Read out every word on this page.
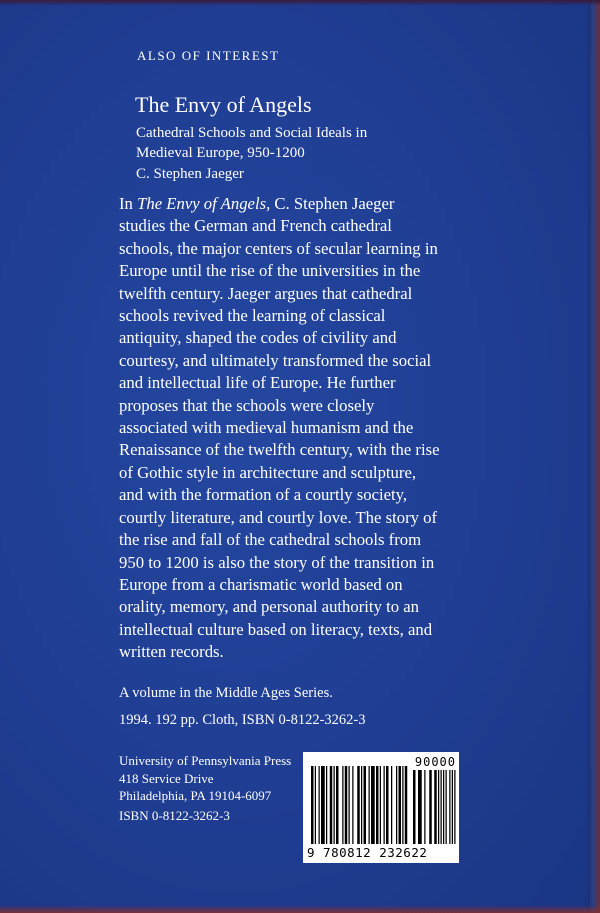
ALSO OF INTEREST
The Envy of Angels
Cathedral Schools and Social Ideals in
Medieval Europe, 950-1200
C. Stephen Jaeger
In The Envy of Angels, C. Stephen Jaeger studies the German and French cathedral schools, the major centers of secular learning in Europe until the rise of the universities in the twelfth century. Jaeger argues that cathedral schools revived the learning of classical antiquity, shaped the codes of civility and courtesy, and ultimately transformed the social and intellectual life of Europe. He further proposes that the schools were closely associated with medieval humanism and the Renaissance of the twelfth century, with the rise of Gothic style in architecture and sculpture, and with the formation of a courtly society, courtly literature, and courtly love. The story of the rise and fall of the cathedral schools from 950 to 1200 is also the story of the transition in Europe from a charismatic world based on orality, memory, and personal authority to an intellectual culture based on literacy, texts, and written records.
A volume in the Middle Ages Series.
1994. 192 pp. Cloth, ISBN 0-8122-3262-3
University of Pennsylvania Press
418 Service Drive
Philadelphia, PA 19104-6097
ISBN 0-8122-3262-3
90000
9 780812 232622
